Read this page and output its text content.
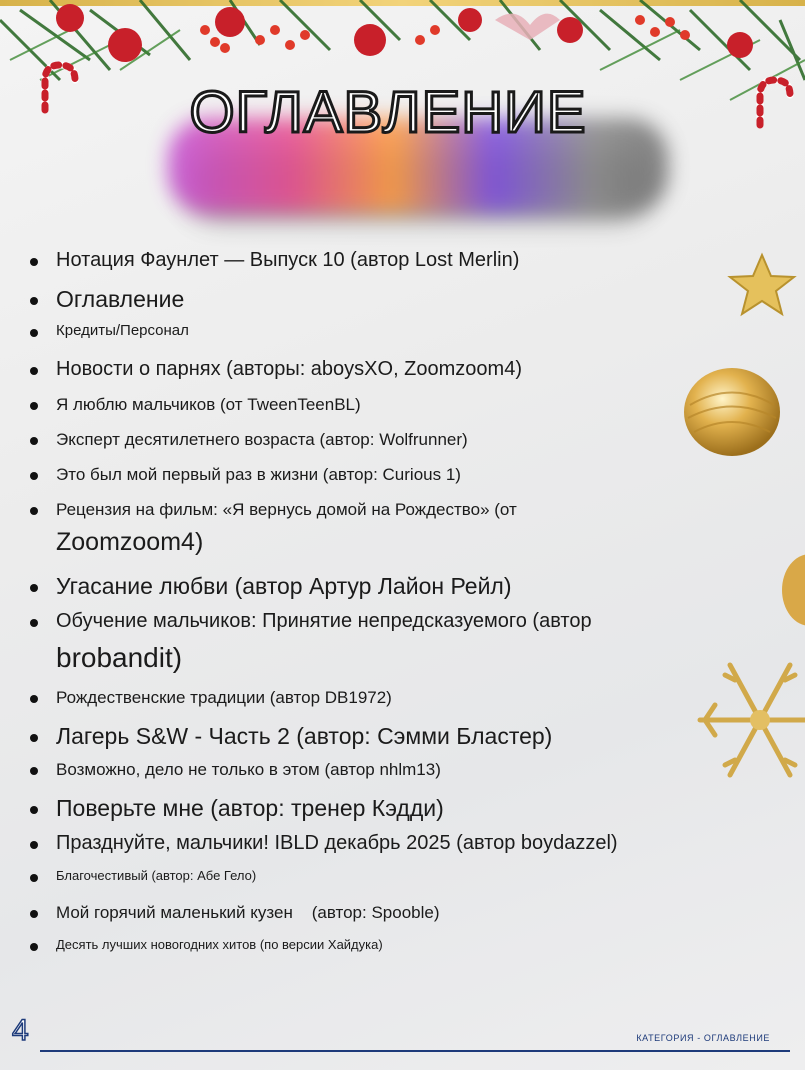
ОГЛАВЛЕНИЕ
Нотация Фаунлет — Выпуск 10 (автор Lost Merlin)
Оглавление
Кредиты/Персонал
Новости о парнях (авторы: aboysXO, Zoomzoom4)
Я люблю мальчиков (от TweenTeenBL)
Эксперт десятилетнего возраста (автор: Wolfrunner)
Это был мой первый раз в жизни (автор: Curious 1)
Рецензия на фильм: «Я вернусь домой на Рождество» (от
Zoomzoom4)
Угасание любви (автор Артур Лайон Рейл)
Обучение мальчиков: Принятие непредсказуемого (автор
brobandit)
Рождественские традиции (автор DB1972)
Лагерь S&W - Часть 2 (автор: Сэмми Бластер)
Возможно, дело не только в этом (автор nhlm13)
Поверьте мне (автор: тренер Кэдди)
Празднуйте, мальчики! IBLD декабрь 2025 (автор boydazzel)
Благочестивый (автор: Абе Гело)
Мой горячий маленький кузен    (автор: Spooble)
Десять лучших новогодних хитов (по версии Хайдука)
4	КАТЕГОРИЯ - ОГЛАВЛЕНИЕ
